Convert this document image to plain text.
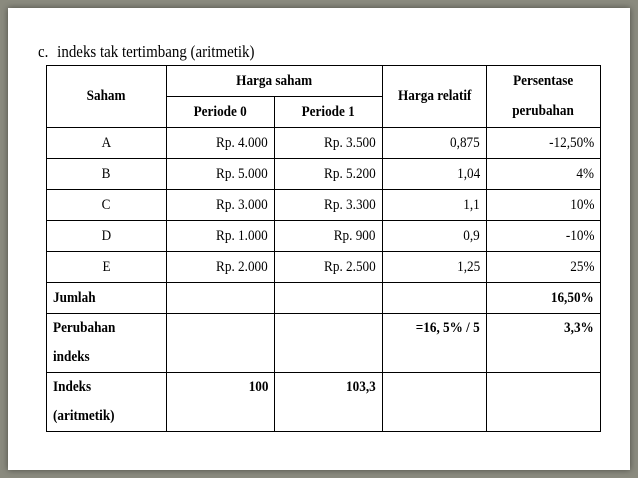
c. indeks tak tertimbang (aritmetik)
Saham	Harga saham		Harga relatif	Persentase
perubahan
	Periode 0	Periode 1		
A	Rp. 4.000	Rp. 3.500	0,875	-12,50%
B	Rp. 5.000	Rp. 5.200	1,04	4%
C	Rp. 3.000	Rp. 3.300	1,1	10%
D	Rp. 1.000	Rp. 900	0,9	-10%
E	Rp. 2.000	Rp. 2.500	1,25	25%
Jumlah				16,50%
Perubahan
indeks			=16, 5% / 5	3,3%
Indeks
(aritmetik)	100	103,3		
